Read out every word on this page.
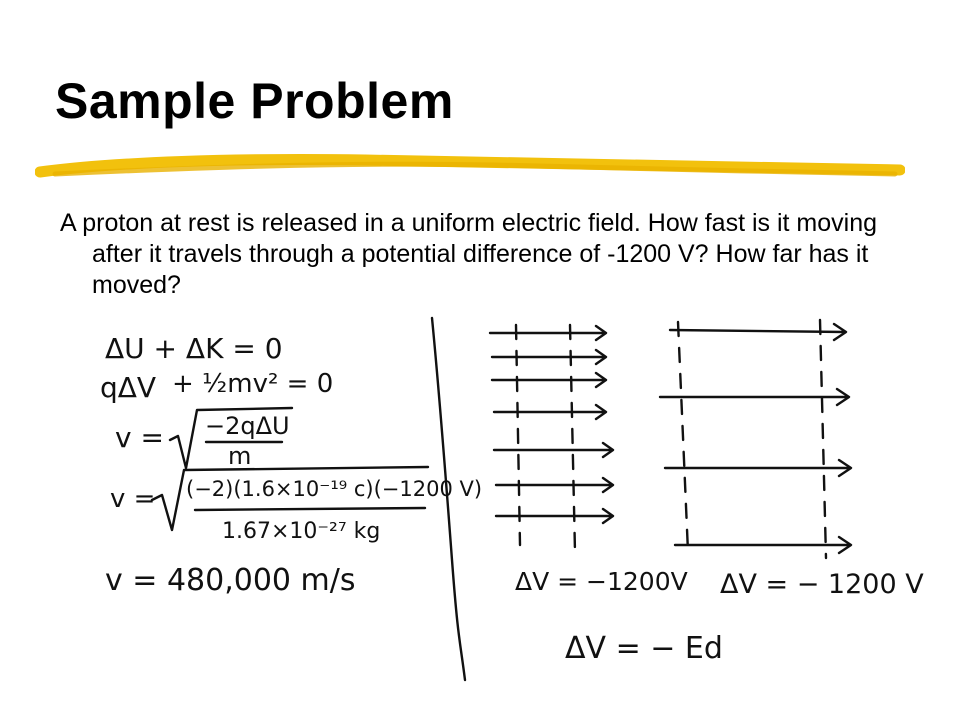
Sample Problem

A proton at rest is released in a uniform electric field. How fast is it moving after it travels through a potential difference of -1200 V? How far has it moved?

ΔU + ΔK = 0
qΔV + ½mv² = 0
v = −2qΔU
m
v = (−2)(1.6×10⁻¹⁹ c)(−1200 V)
1.67×10⁻²⁷ kg
v = 480,000 m/s	ΔV = −1200V ΔV = − 1200 V
ΔV = − Ed
